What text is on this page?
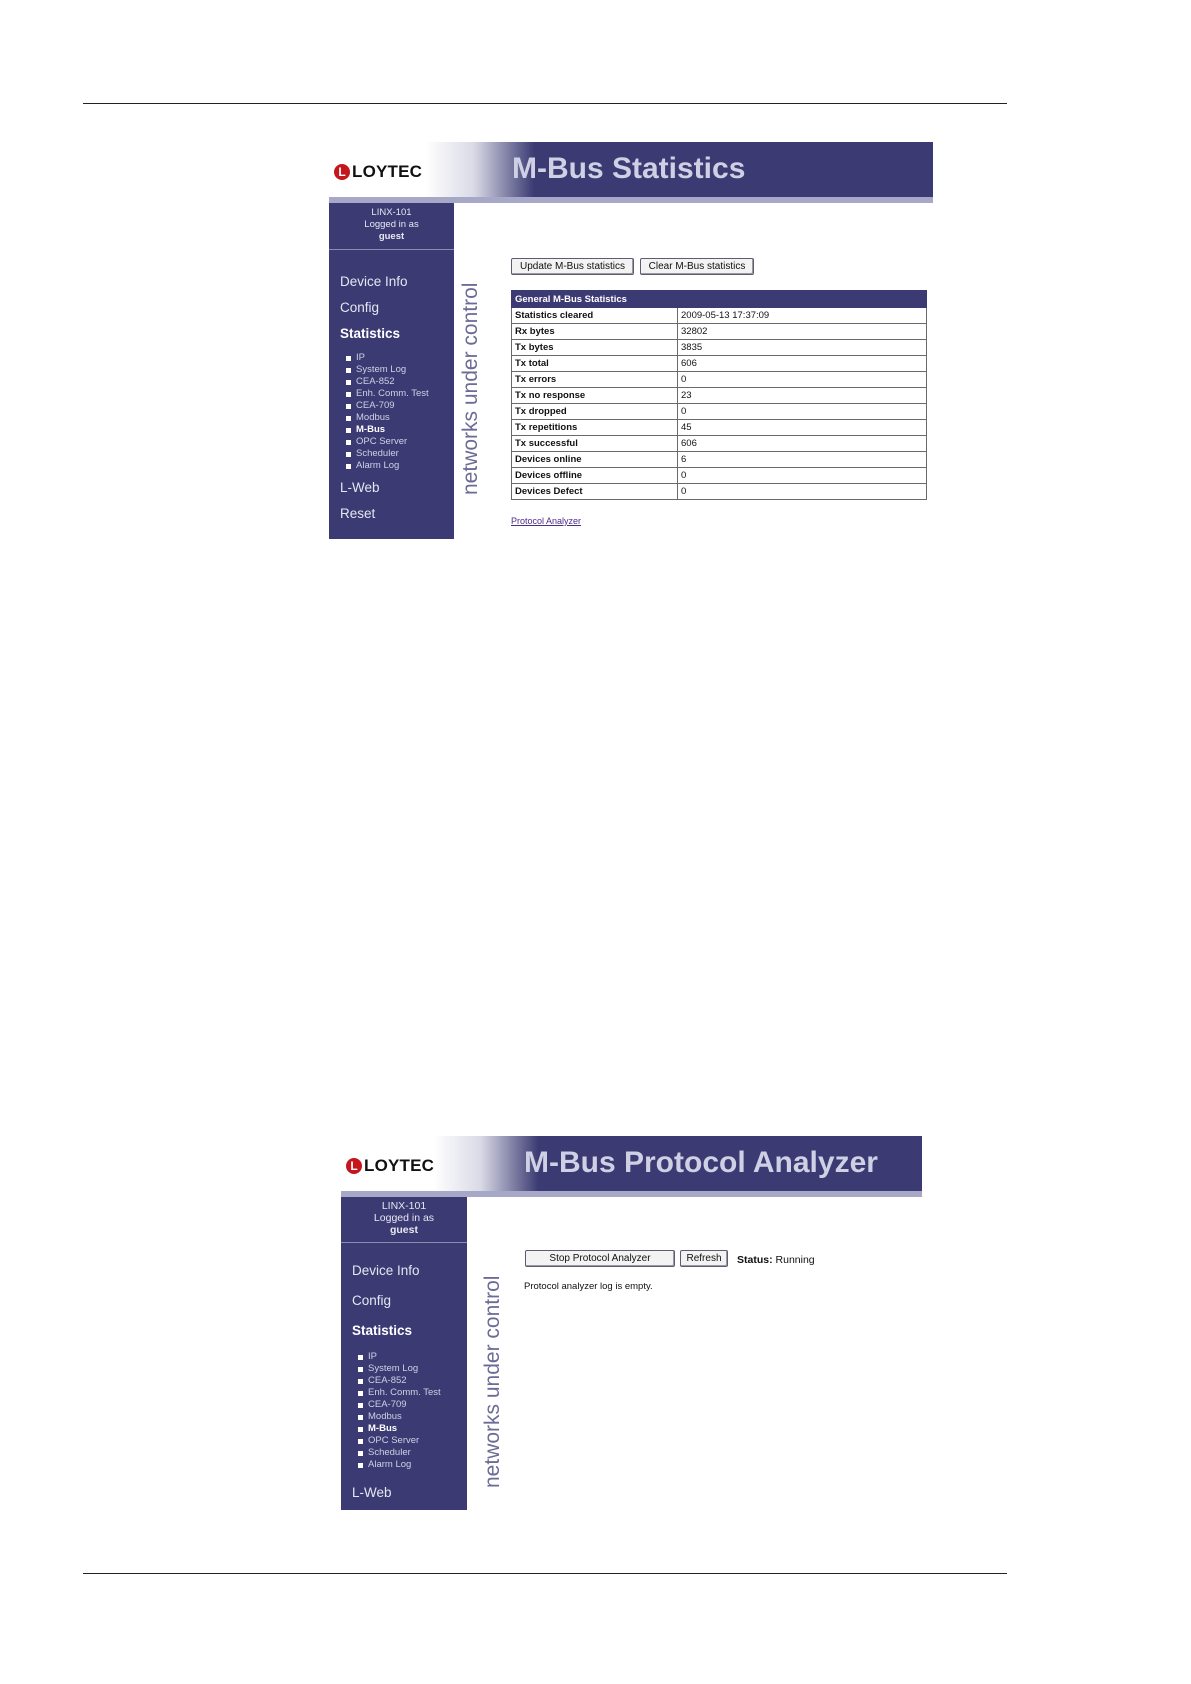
L LOYTEC	M-Bus Statistics
LINX-101
Logged in as
guest
Device Info
Config
Statistics
IP
System Log
CEA-852
Enh. Comm. Test
CEA-709
Modbus
M-Bus
OPC Server
Scheduler
Alarm Log
L-Web
Reset
networks under control
Update M-Bus statistics	Clear M-Bus statistics
General M-Bus Statistics	
Statistics cleared	2009-05-13 17:37:09
Rx bytes	32802
Tx bytes	3835
Tx total	606
Tx errors	0
Tx no response	23
Tx dropped	0
Tx repetitions	45
Tx successful	606
Devices online	6
Devices offline	0
Devices Defect	0
Protocol Analyzer
L LOYTEC	M-Bus Protocol Analyzer
LINX-101
Logged in as
guest
Device Info
Config
Statistics
IP
System Log
CEA-852
Enh. Comm. Test
CEA-709
Modbus
M-Bus
OPC Server
Scheduler
Alarm Log
L-Web
networks under control
Stop Protocol Analyzer	Refresh	Status: Running
Protocol analyzer log is empty.
